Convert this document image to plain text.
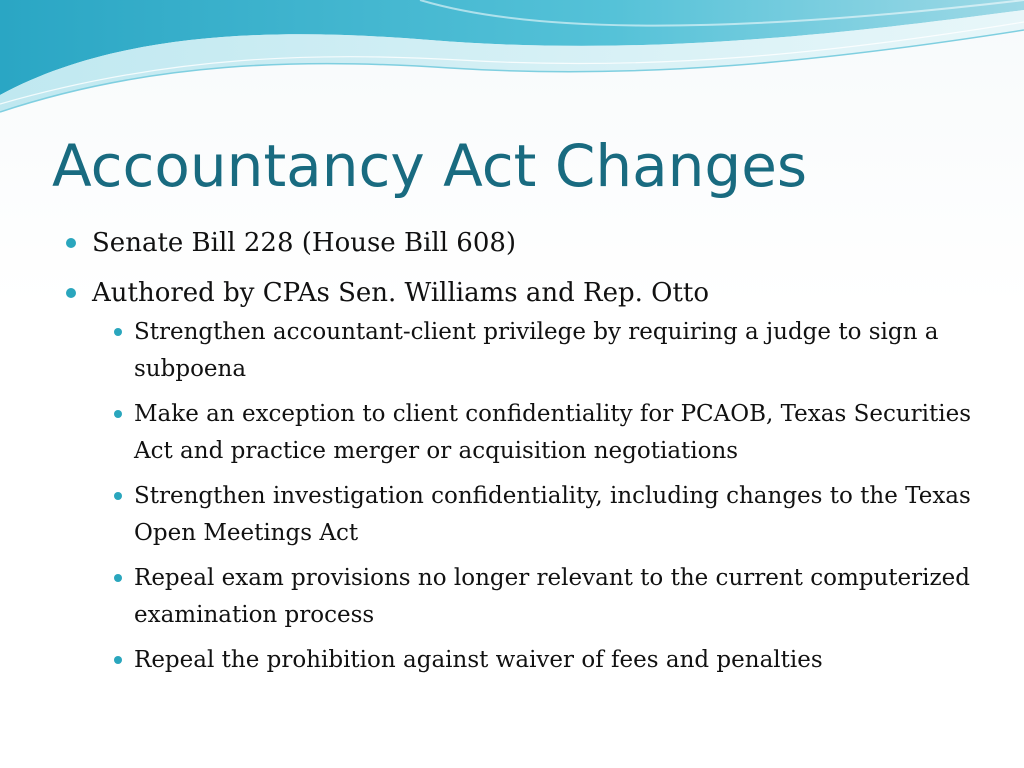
Accountancy Act Changes
Senate Bill 228 (House Bill 608)
Authored by CPAs Sen. Williams and Rep. Otto
Strengthen accountant-client privilege by requiring a judge to sign a subpoena
Make an exception to client confidentiality for PCAOB, Texas Securities Act and practice merger or acquisition negotiations
Strengthen investigation confidentiality, including changes to the Texas Open Meetings Act
Repeal exam provisions no longer relevant to the current computerized examination process
Repeal the prohibition against waiver of fees and penalties
